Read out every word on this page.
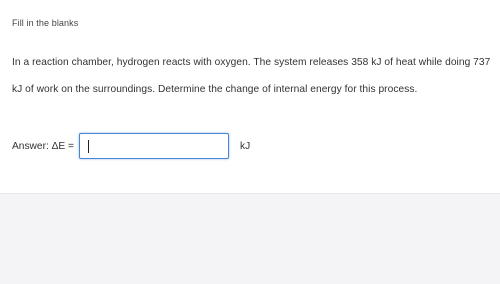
Fill in the blanks
In a reaction chamber, hydrogen reacts with oxygen. The system releases 358 kJ of heat while doing 737 kJ of work on the surroundings. Determine the change of internal energy for this process.
Answer: ΔE =	kJ
